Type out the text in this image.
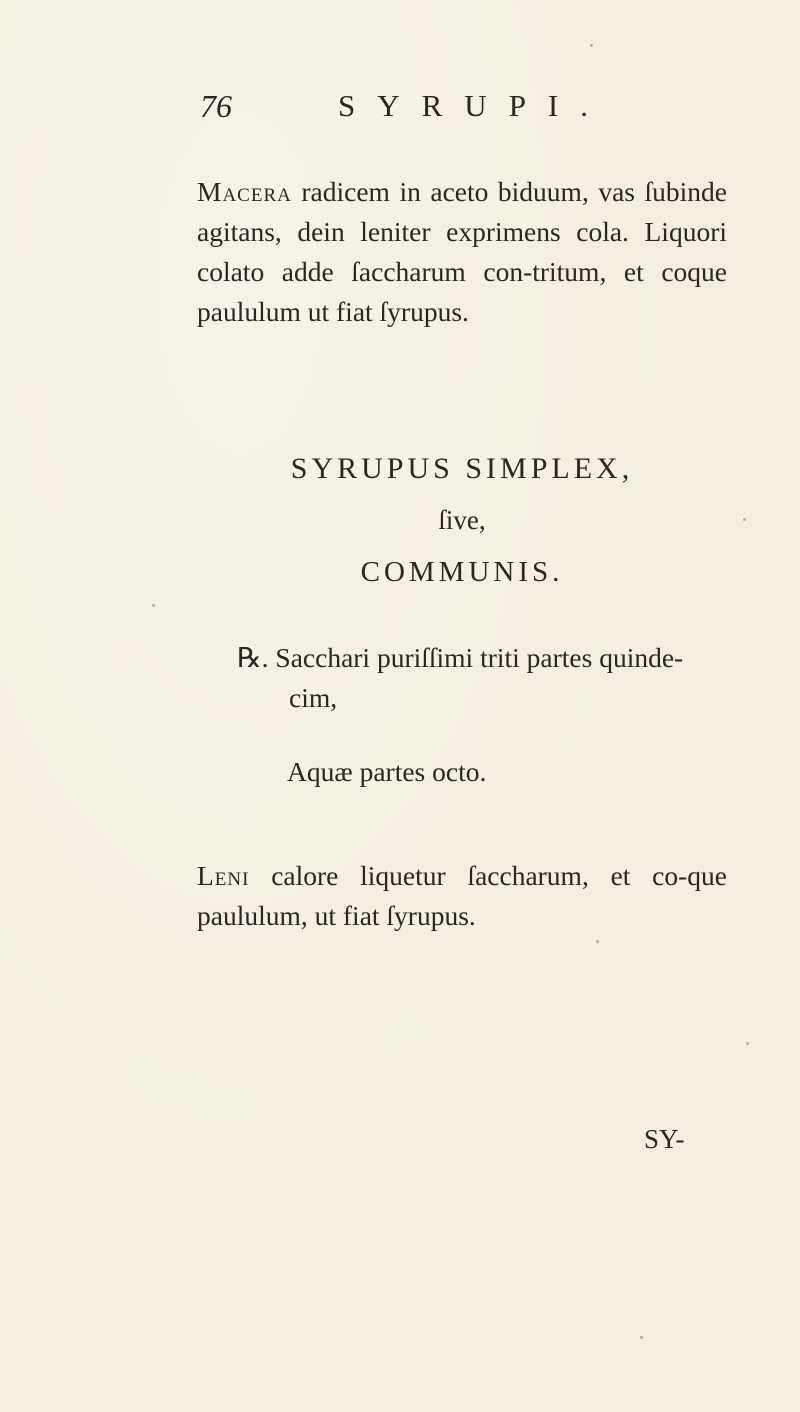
76	SYRUPI.
Macera radicem in aceto biduum, vas ſubinde agitans, dein leniter exprimens cola. Liquori colato adde ſaccharum con-tritum, et coque paululum ut fiat ſyrupus.
SYRUPUS SIMPLEX,
ſive,
COMMUNIS.
℞. Sacchari puriſſimi triti partes quinde-
cim,
Aquæ partes octo.
Leni calore liquetur ſaccharum, et co-que paululum, ut fiat ſyrupus.
SY-
